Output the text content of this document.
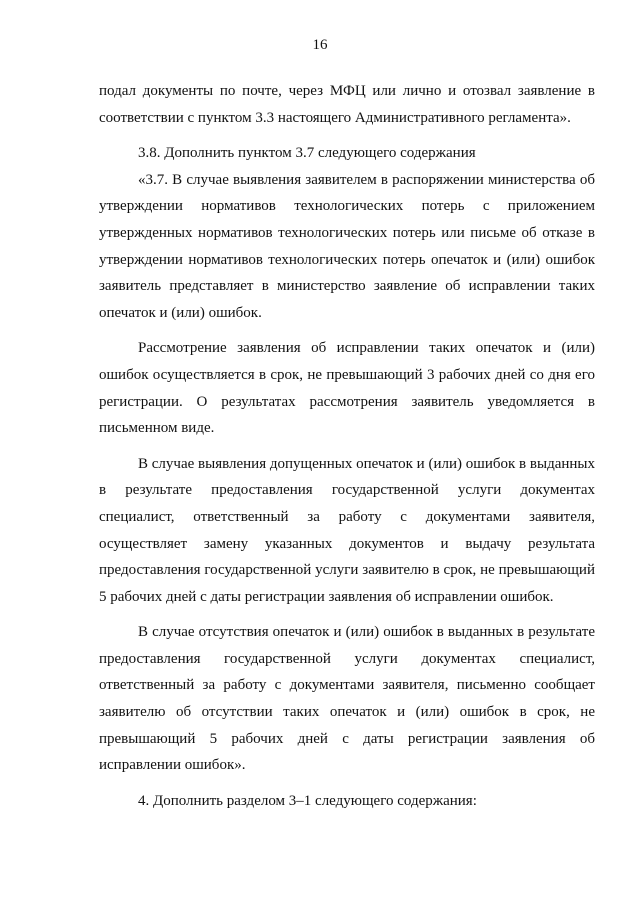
16

подал документы по почте, через МФЦ или лично и отозвал заявление в соответствии с пунктом 3.3 настоящего Административного регламента».

3.8. Дополнить пунктом 3.7 следующего содержания

«3.7. В случае выявления заявителем в распоряжении министерства об утверждении нормативов технологических потерь с приложением утвержденных нормативов технологических потерь или письме об отказе в утверждении нормативов технологических потерь опечаток и (или) ошибок заявитель представляет в министерство заявление об исправлении таких опечаток и (или) ошибок.

Рассмотрение заявления об исправлении таких опечаток и (или) ошибок осуществляется в срок, не превышающий 3 рабочих дней со дня его регистрации. О результатах рассмотрения заявитель уведомляется в письменном виде.

В случае выявления допущенных опечаток и (или) ошибок в выданных в результате предоставления государственной услуги документах специалист, ответственный за работу с документами заявителя, осуществляет замену указанных документов и выдачу результата предоставления государственной услуги заявителю в срок, не превышающий 5 рабочих дней с даты регистрации заявления об исправлении ошибок.

В случае отсутствия опечаток и (или) ошибок в выданных в результате предоставления государственной услуги документах специалист, ответственный за работу с документами заявителя, письменно сообщает заявителю об отсутствии таких опечаток и (или) ошибок в срок, не превышающий 5 рабочих дней с даты регистрации заявления об исправлении ошибок».

4. Дополнить разделом 3–1 следующего содержания:
